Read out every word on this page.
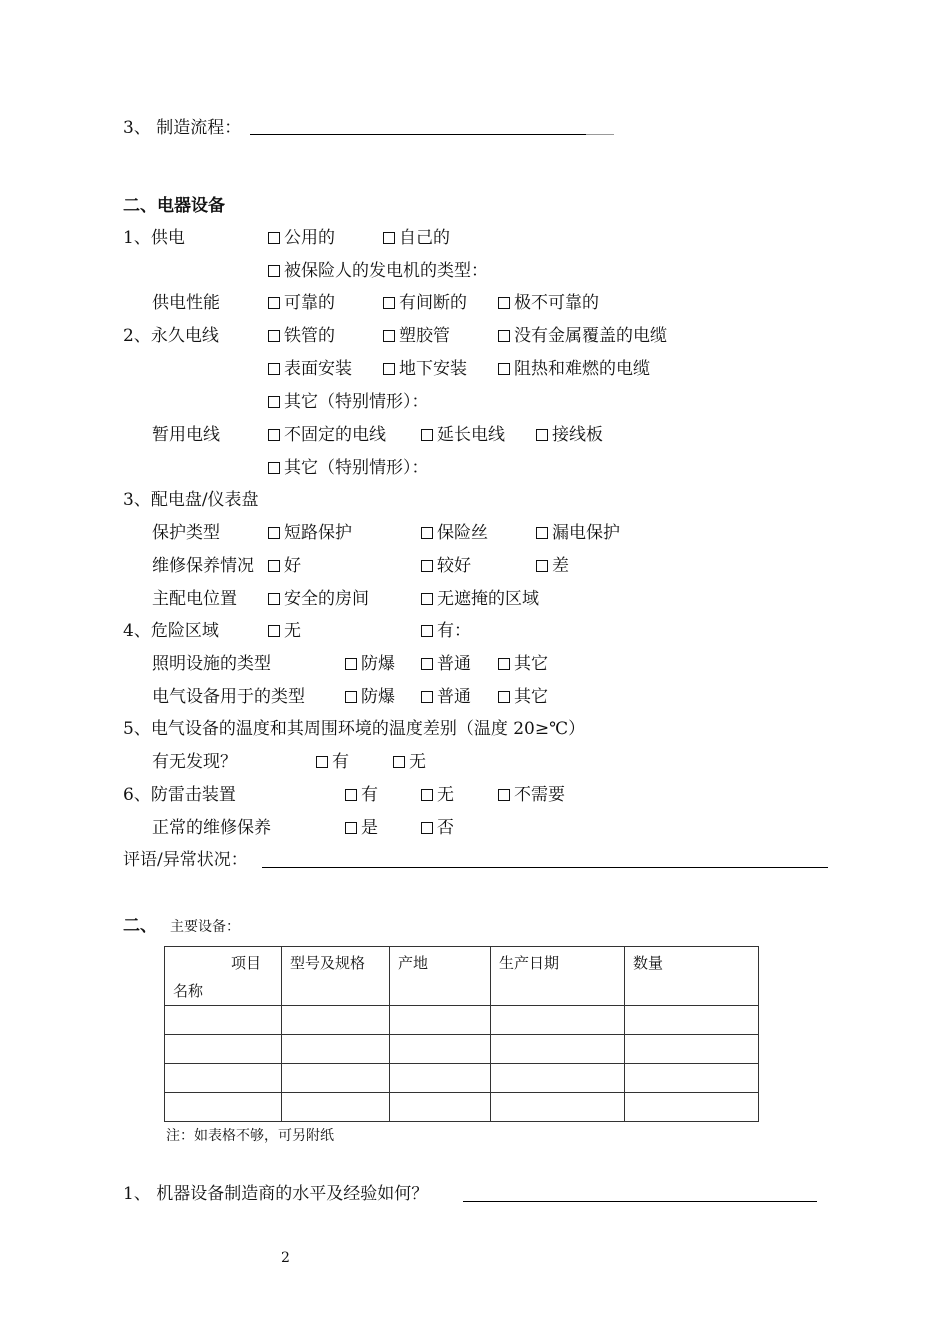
3、 制造流程：
二、电器设备
1、供电	公用的	自己的
被保险人的发电机的类型：
供电性能	可靠的	有间断的	极不可靠的
2、永久电线	铁管的	塑胶管	没有金属覆盖的电缆
表面安装	地下安装	阻热和难燃的电缆
其它（特别情形）：
暂用电线	不固定的电线	延长电线	接线板
其它（特别情形）：
3、配电盘/仪表盘
保护类型	短路保护	保险丝	漏电保护
维修保养情况	好	较好	差
主配电位置	安全的房间	无遮掩的区域
4、危险区域	无	有：
照明设施的类型	防爆	普通	其它
电气设备用于的类型	防爆	普通	其它
5、电气设备的温度和其周围环境的温度差别（温度 20≥℃）
有无发现？	有	无
6、防雷击装置	有	无	不需要
正常的维修保养	是	否
评语/异常状况：
二、 主要设备：
项目
名称	型号及规格	产地	生产日期	数量

注：如表格不够，可另附纸
1、 机器设备制造商的水平及经验如何？
2
